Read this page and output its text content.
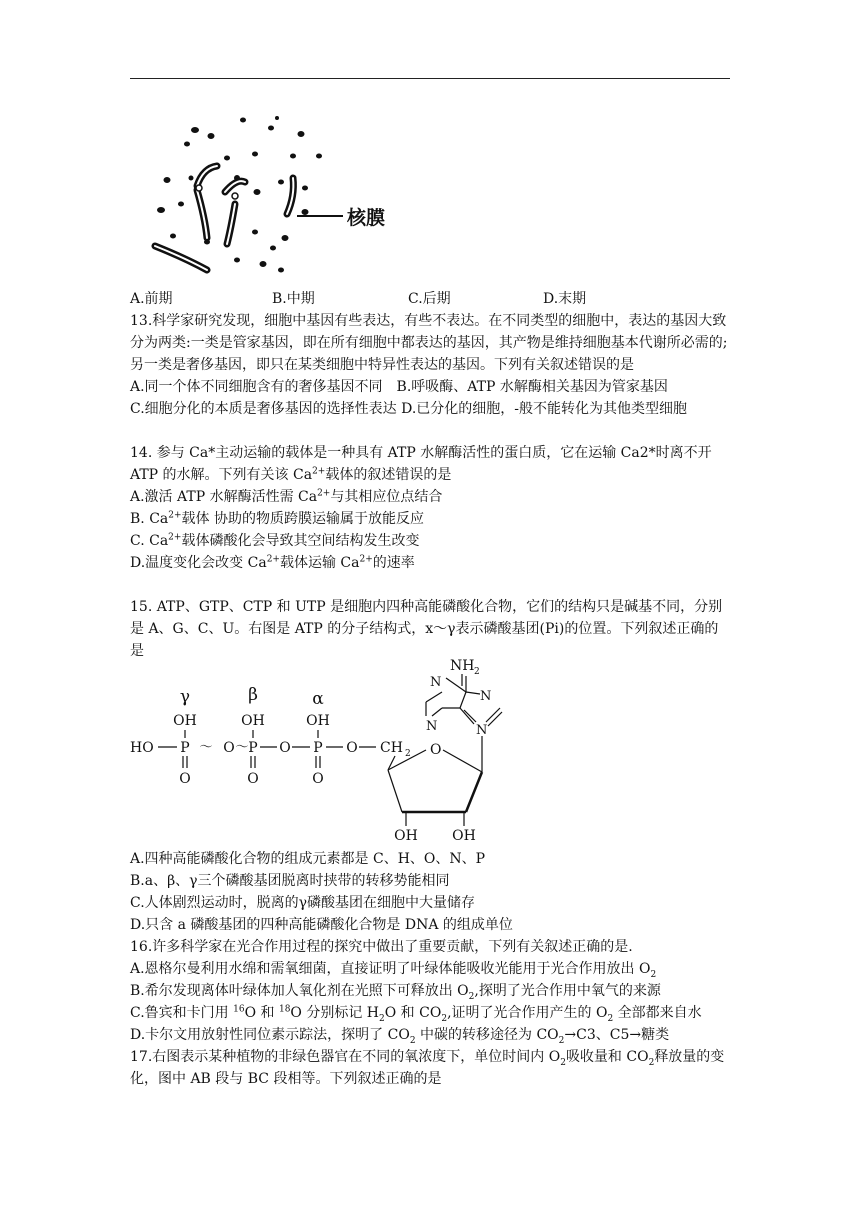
核膜
A.前期	B.中期	C.后期	D.末期

13.科学家研究发现，细胞中基因有些表达，有些不表达。在不同类型的细胞中，表达的基因大致分为两类:一类是管家基因，即在所有细胞中都表达的基因，其产物是维持细胞基本代谢所必需的;另一类是奢侈基因，即只在某类细胞中特异性表达的基因。下列有关叙述错误的是

A.同一个体不同细胞含有的奢侈基因不同　B.呼吸酶、ATP 水解酶相关基因为管家基因

C.细胞分化的本质是奢侈基因的选择性表达 D.已分化的细胞，-般不能转化为其他类型细胞

14. 参与 Ca*主动运输的载体是一种具有 ATP 水解酶活性的蛋白质，它在运输 Ca2*时离不开 ATP 的水解。下列有关该 $Ca^{2+}$载体的叙述错误的是

A.激活 ATP 水解酶活性需 $Ca^{2+}$与其相应位点结合

B. $Ca^{2+}$载体 协助的物质跨膜运输属于放能反应

C. $Ca^{2+}$载体磷酸化会导致其空间结构发生改变

D.温度变化会改变 $Ca^{2+}$载体运输 $Ca^{2+}$的速率

15. ATP、GTP、CTP 和 UTP 是细胞内四种高能磷酸化合物，它们的结构只是碱基不同，分别是 A、G、C、U。右图是 ATP 的分子结构式，x～γ表示磷酸基团(Pi)的位置。下列叙述正确的是

γ	β	α
OH	OH	OH
HO P ～ O ～ P O P O CH 2
O	O	O
O
OH OH
N
N
N
N
NH 2

A.四种高能磷酸化合物的组成元素都是 C、H、O、N、P

B.a、β、γ三个磷酸基团脱离时挟带的转移势能相同

C.人体剧烈运动时，脱离的γ磷酸基团在细胞中大量储存

D.只含 a 磷酸基团的四种高能磷酸化合物是 DNA 的组成单位

16.许多科学家在光合作用过程的探究中做出了重要贡献，下列有关叙述正确的是.

A.恩格尔曼利用水绵和需氧细菌，直接证明了叶绿体能吸收光能用于光合作用放出 $O_2$

B.希尔发现离体叶绿体加人氧化剂在光照下可释放出 $O_2$,探明了光合作用中氧气的来源

C.鲁宾和卡门用 $^{16}$O 和 $^{18}$O 分别标记 $H_2O$ 和 $CO_2$,证明了光合作用产生的 $O_2$ 全部都来自水

D.卡尔文用放射性同位素示踪法，探明了 $CO_2$ 中碳的转移途径为 $CO_2\to C3$、C5→糖类

17.右图表示某种植物的非绿色器官在不同的氧浓度下，单位时间内 $O_2$吸收量和 $CO_2$释放量的变化，图中 AB 段与 BC 段相等。下列叙述正确的是
